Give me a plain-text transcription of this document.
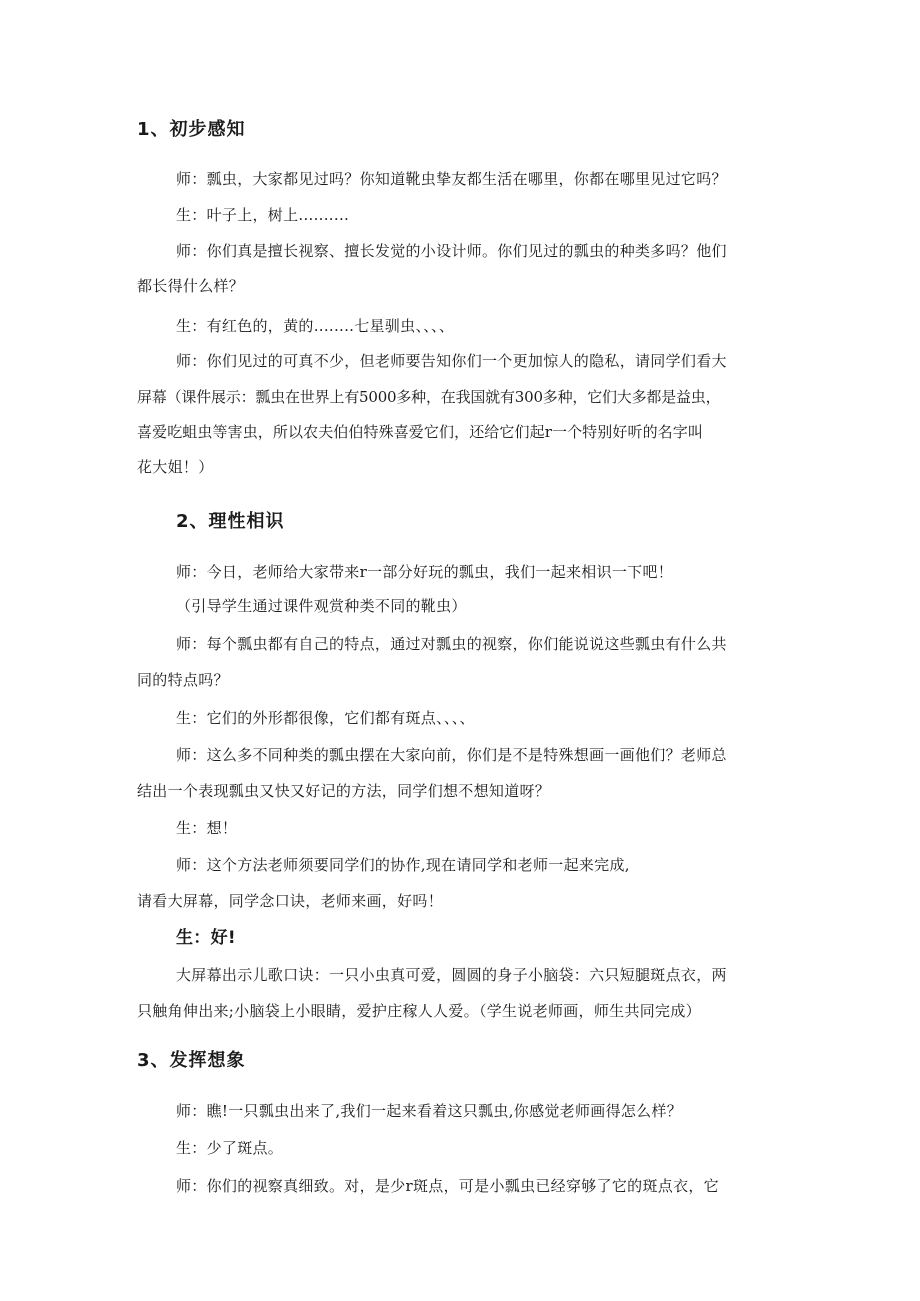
1、初步感知
师：瓢虫，大家都见过吗？你知道靴虫挚友都生活在哪里，你都在哪里见过它吗？
生：叶子上，树上..........
师：你们真是擅长视察、擅长发觉的小设计师。你们见过的瓢虫的种类多吗？他们
都长得什么样？
生：有红色的，黄的........七星驯虫、、、、
师：你们见过的可真不少，但老师要告知你们一个更加惊人的隐私，请同学们看大
屏幕（课件展示：瓢虫在世界上有5000多种，在我国就有300多种，它们大多都是益虫，
喜爱吃蛆虫等害虫，所以农夫伯伯特殊喜爱它们，还给它们起r一个特别好听的名字叫
花大姐！）
2、理性相识
师：今日，老师给大家带来r一部分好玩的瓢虫，我们一起来相识一下吧！
（引导学生通过课件观赏种类不同的靴虫）
师：每个瓢虫都有自己的特点，通过对瓢虫的视察，你们能说说这些瓢虫有什么共
同的特点吗？
生：它们的外形都很像，它们都有斑点、、、、
师：这么多不同种类的瓢虫摆在大家向前，你们是不是特殊想画一画他们？老师总
结出一个表现瓢虫又快又好记的方法，同学们想不想知道呀？
生：想！
师：这个方法老师须要同学们的协作,现在请同学和老师一起来完成,
请看大屏幕，同学念口诀，老师来画，好吗！
生：好!
大屏幕出示儿歌口诀：一只小虫真可爱，圆圆的身子小脑袋：六只短腿斑点衣，两
只触角伸出来;小脑袋上小眼睛，爱护庄稼人人爱。（学生说老师画，师生共同完成）
3、发挥想象
师：瞧!一只瓢虫出来了,我们一起来看着这只瓢虫,你感觉老师画得怎么样？
生：少了斑点。
师：你们的视察真细致。对，是少r斑点，可是小瓢虫已经穿够了它的斑点衣，它
